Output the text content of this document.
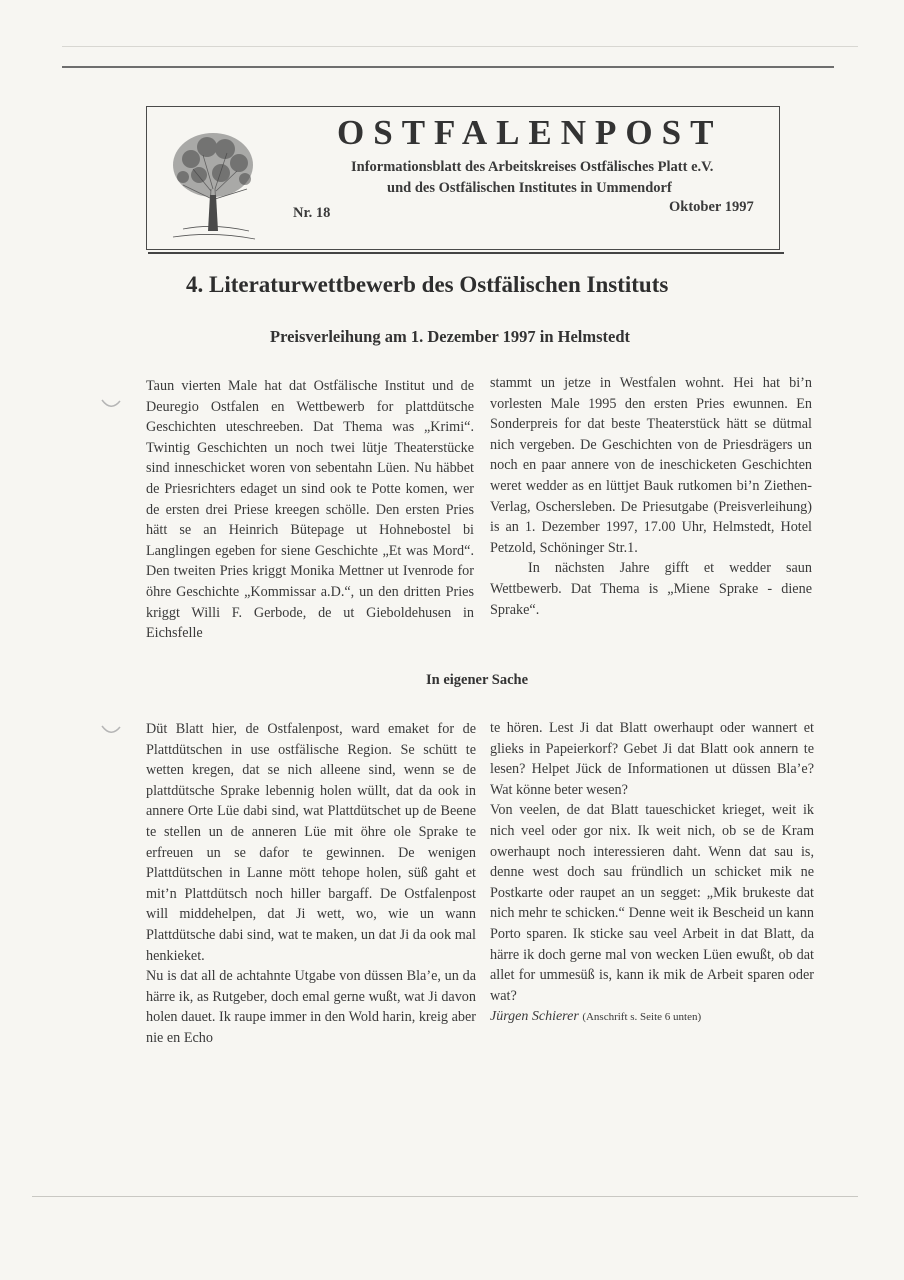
OSTFALENPOST
Informationsblatt des Arbeitskreises Ostfälisches Platt e.V.
und des Ostfälischen Institutes in Ummendorf
Nr. 18	Oktober 1997
4. Literaturwettbewerb des Ostfälischen Instituts
Preisverleihung am 1. Dezember 1997 in Helmstedt

Taun vierten Male hat dat Ostfälische Institut und de Deuregio Ostfalen en Wettbewerb for plattdütsche Geschichten uteschreeben. Dat Thema was „Krimi“. Twintig Geschichten un noch twei lütje Theaterstücke sind inneschicket woren von sebentahn Lüen. Nu häbbet de Priesrichters edaget un sind ook te Potte komen, wer de ersten drei Priese kreegen schölle. Den ersten Pries hätt se an Heinrich Bütepage ut Hohnebostel bi Langlingen egeben for siene Geschichte „Et was Mord“. Den tweiten Pries kriggt Monika Mettner ut Ivenrode for öhre Geschichte „Kommissar a.D.“, un den dritten Pries kriggt Willi F. Gerbode, de ut Gieboldehusen in Eichsfelle

stammt un jetze in Westfalen wohnt. Hei hat bi’n vorlesten Male 1995 den ersten Pries ewunnen. En Sonderpreis for dat beste Theaterstück hätt se dütmal nich vergeben. De Geschichten von de Priesdrägers un noch en paar annere von de ineschicketen Geschichten weret wedder as en lüttjet Bauk rutkomen bi’n Ziethen-Verlag, Oschersleben. De Priesutgabe (Preisverleihung) is an 1. Dezember 1997, 17.00 Uhr, Helmstedt, Hotel Petzold, Schöninger Str.1.

In nächsten Jahre gifft et wedder saun Wettbewerb. Dat Thema is „Miene Sprake - diene Sprake“.

In eigener Sache

Düt Blatt hier, de Ostfalenpost, ward emaket for de Plattdütschen in use ostfälische Region. Se schütt te wetten kregen, dat se nich alleene sind, wenn se de plattdütsche Sprake lebennig holen wüllt, dat da ook in annere Orte Lüe dabi sind, wat Plattdütschet up de Beene te stellen un de anneren Lüe mit öhre ole Sprake te erfreuen un se dafor te gewinnen. De wenigen Plattdütschen in Lanne mött tehope holen, süß gaht et mit’n Plattdütsch noch hiller bargaff. De Ostfalenpost will middehelpen, dat Ji wett, wo, wie un wann Plattdütsche dabi sind, wat te maken, un dat Ji da ook mal henkieket.

Nu is dat all de achtahnte Utgabe von düssen Bla’e, un da härre ik, as Rutgeber, doch emal gerne wußt, wat Ji davon holen dauet. Ik raupe immer in den Wold harin, kreig aber nie en Echo

te hören. Lest Ji dat Blatt owerhaupt oder wannert et glieks in Papeierkorf? Gebet Ji dat Blatt ook annern te lesen? Helpet Jück de Informationen ut düssen Bla’e? Wat könne beter wesen?

Von veelen, de dat Blatt taueschicket krieget, weit ik nich veel oder gor nix. Ik weit nich, ob se de Kram owerhaupt noch interessieren daht. Wenn dat sau is, denne west doch sau fründlich un schicket mik ne Postkarte oder raupet an un segget: „Mik brukeste dat nich mehr te schicken.“ Denne weit ik Bescheid un kann Porto sparen. Ik sticke sau veel Arbeit in dat Blatt, da härre ik doch gerne mal von wecken Lüen ewußt, ob dat allet for ummesüß is, kann ik mik de Arbeit sparen oder wat?

Jürgen Schierer (Anschrift s. Seite 6 unten)
